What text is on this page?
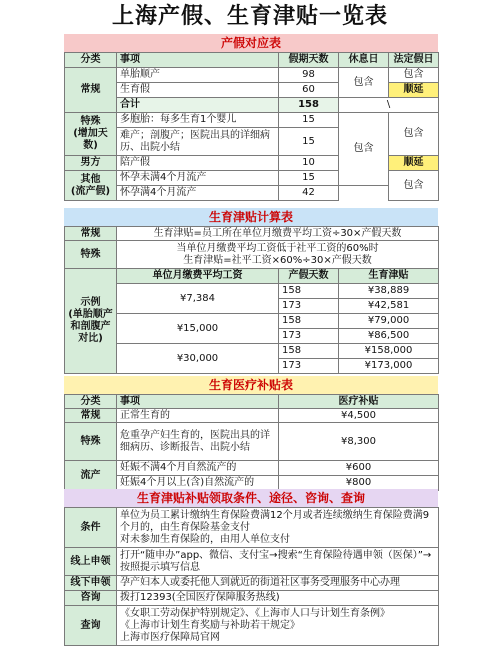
上海产假、生育津贴一览表
产假对应表
分类	事项	假期天数	休息日	法定假日
常规	单胎顺产	98	包含	包含
	生育假	60		顺延
	合计	158	\	
特殊
(增加天数)	多胞胎：每多生育1个婴儿	15	包含	包含
	难产；剖腹产；医院出具的详细病历、出院小结	15		
男方	陪产假	10		顺延
其他
(流产假)	怀孕未满4个月流产	15		包含
	怀孕满4个月流产	42		
生育津贴计算表
常规	生育津贴=员工所在单位月缴费平均工资÷30×产假天数		
特殊	当单位月缴费平均工资低于社平工资的60%时
生育津贴=社平工资×60%÷30×产假天数		

示例
(单胎顺产
和剖腹产
对比)	单位月缴费平均工资	产假天数	生育津贴
	¥7,384	158	¥38,889
		173	¥42,581
	¥15,000	158	¥79,000
		173	¥86,500
	¥30,000	158	¥158,000
		173	¥173,000
生育医疗补贴表
分类	事项	医疗补贴
常规	正常生育的	¥4,500
特殊	危重孕产妇生育的，医院出具的详细病历、诊断报告、出院小结	¥8,300
流产	妊娠不满4个月自然流产的	¥600
	妊娠4个月以上(含)自然流产的	¥800
生育津贴补贴领取条件、途径、咨询、查询
条件	单位为员工累计缴纳生育保险费满12个月或者连续缴纳生育保险费满9个月的，由生育保险基金支付
对未参加生育保险的，由用人单位支付

线上申领	打开“随申办”app、微信、支付宝→搜索“生育保险待遇申领（医保）”→按照提示填写信息
线下申领	孕产妇本人或委托他人到就近的街道社区事务受理服务中心办理
咨询	拨打12393(全国医疗保障服务热线)
查询	《女职工劳动保护特别规定》、《上海市人口与计划生育条例》
《上海市计划生育奖励与补助若干规定》
上海市医疗保障局官网
